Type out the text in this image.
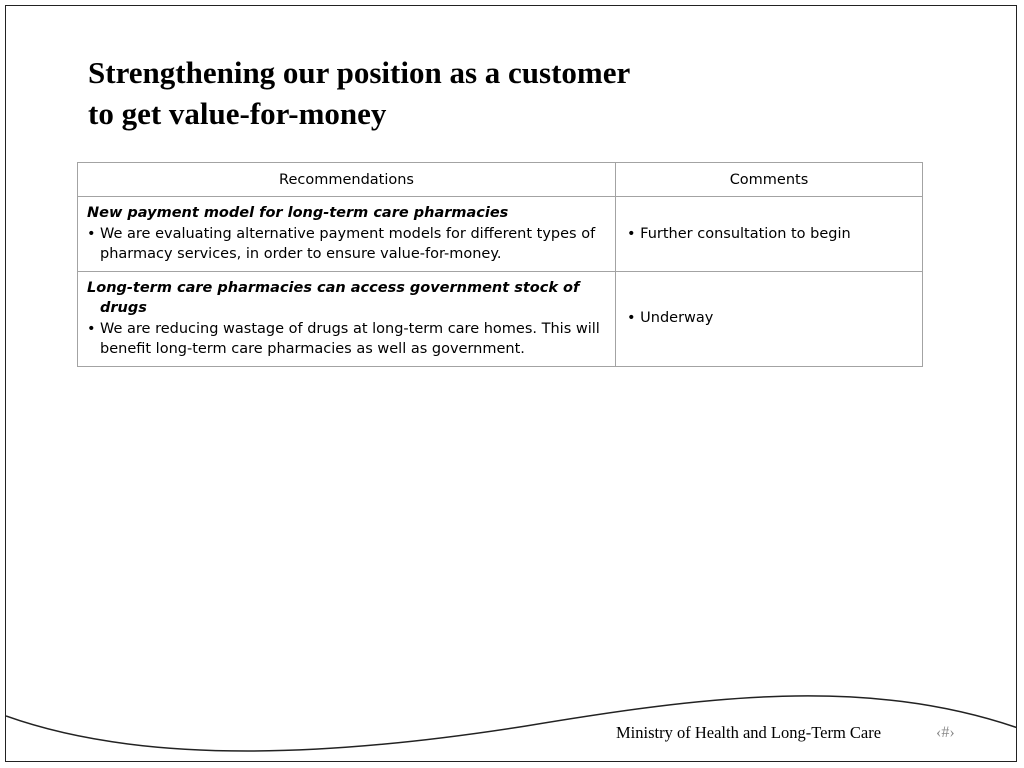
Strengthening our position as a customer
to get value-for-money
Recommendations	Comments

New payment model for long-term care pharmacies
• We are evaluating alternative payment models for different types of pharmacy services, in order to ensure value-for-money.	• Further consultation to begin

Long-term care pharmacies can access government stock of drugs
• We are reducing wastage of drugs at long-term care homes. This will benefit long-term care pharmacies as well as government.	• Underway
Ministry of Health and Long-Term Care	‹#›
